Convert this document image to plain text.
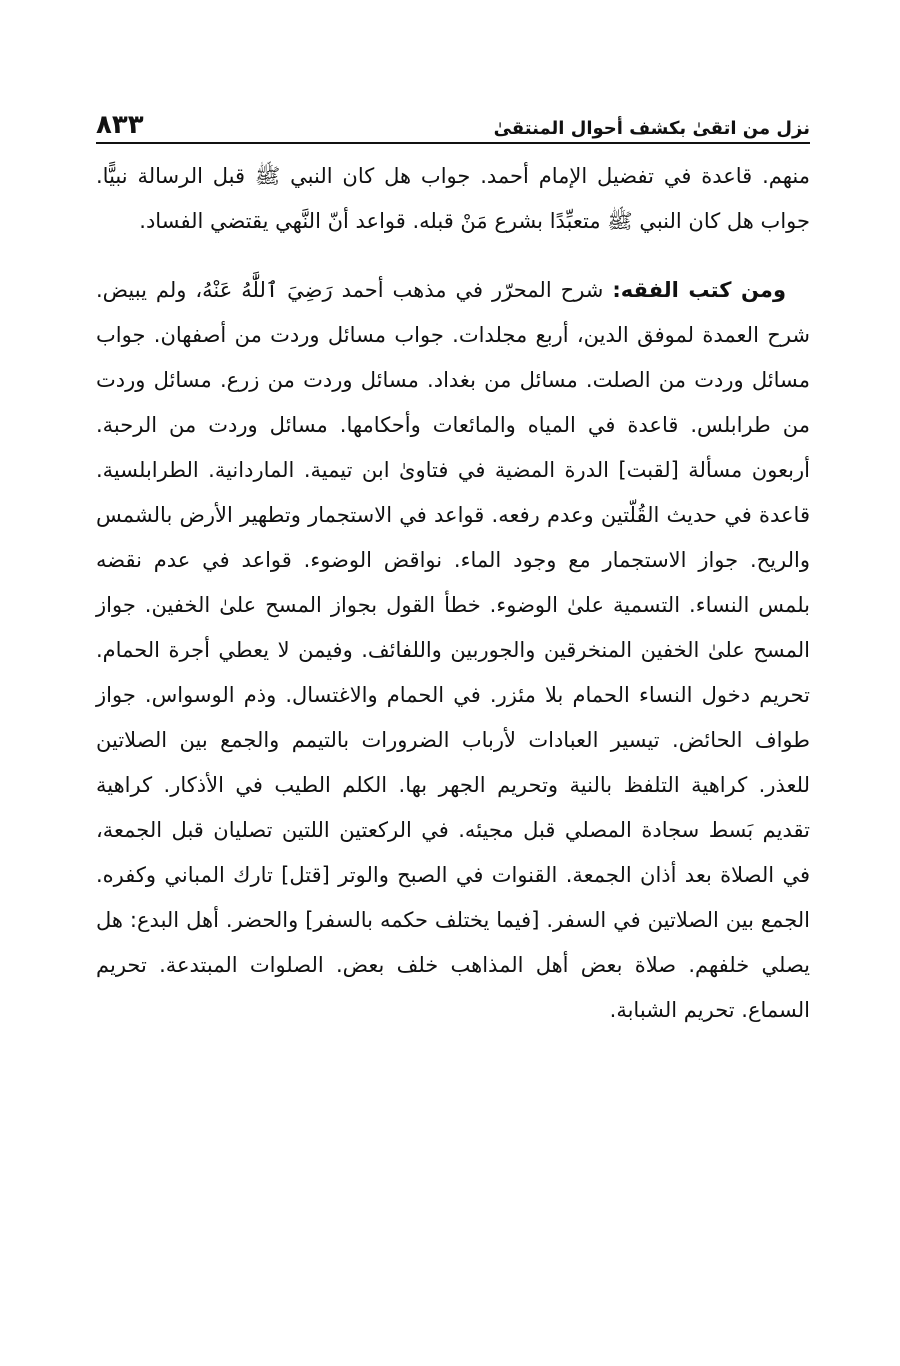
نزل من اتقىٰ بكشف أحوال المنتقىٰ
٨٣٣

منهم. قاعدة في تفضيل الإمام أحمد. جواب هل كان النبي ﷺ قبل الرسالة نبيًّا. جواب هل كان النبي ﷺ متعبِّدًا بشرع مَنْ قبله. قواعد أنّ النَّهي يقتضي الفساد.

ومن كتب الفقه: شرح المحرّر في مذهب أحمد رَضِيَ ٱللَّٰهُ عَنْهُ، ولم يبيض. شرح العمدة لموفق الدين، أربع مجلدات. جواب مسائل وردت من أصفهان. جواب مسائل وردت من الصلت. مسائل من بغداد. مسائل وردت من زرع. مسائل وردت من طرابلس. قاعدة في المياه والمائعات وأحكامها. مسائل وردت من الرحبة. أربعون مسألة [لقبت] الدرة المضية في فتاوىٰ ابن تيمية. الماردانية. الطرابلسية. قاعدة في حديث القُلّتين وعدم رفعه. قواعد في الاستجمار وتطهير الأرض بالشمس والريح. جواز الاستجمار مع وجود الماء. نواقض الوضوء. قواعد في عدم نقضه بلمس النساء. التسمية علىٰ الوضوء. خطأ القول بجواز المسح علىٰ الخفين. جواز المسح علىٰ الخفين المنخرقين والجوربين واللفائف. وفيمن لا يعطي أجرة الحمام. تحريم دخول النساء الحمام بلا مئزر. في الحمام والاغتسال. وذم الوسواس. جواز طواف الحائض. تيسير العبادات لأرباب الضرورات بالتيمم والجمع بين الصلاتين للعذر. كراهية التلفظ بالنية وتحريم الجهر بها. الكلم الطيب في الأذكار. كراهية تقديم بَسط سجادة المصلي قبل مجيئه. في الركعتين اللتين تصليان قبل الجمعة، في الصلاة بعد أذان الجمعة. القنوات في الصبح والوتر [قتل] تارك المباني وكفره. الجمع بين الصلاتين في السفر. [فيما يختلف حكمه بالسفر] والحضر. أهل البدع: هل يصلي خلفهم. صلاة بعض أهل المذاهب خلف بعض. الصلوات المبتدعة. تحريم السماع. تحريم الشبابة.
